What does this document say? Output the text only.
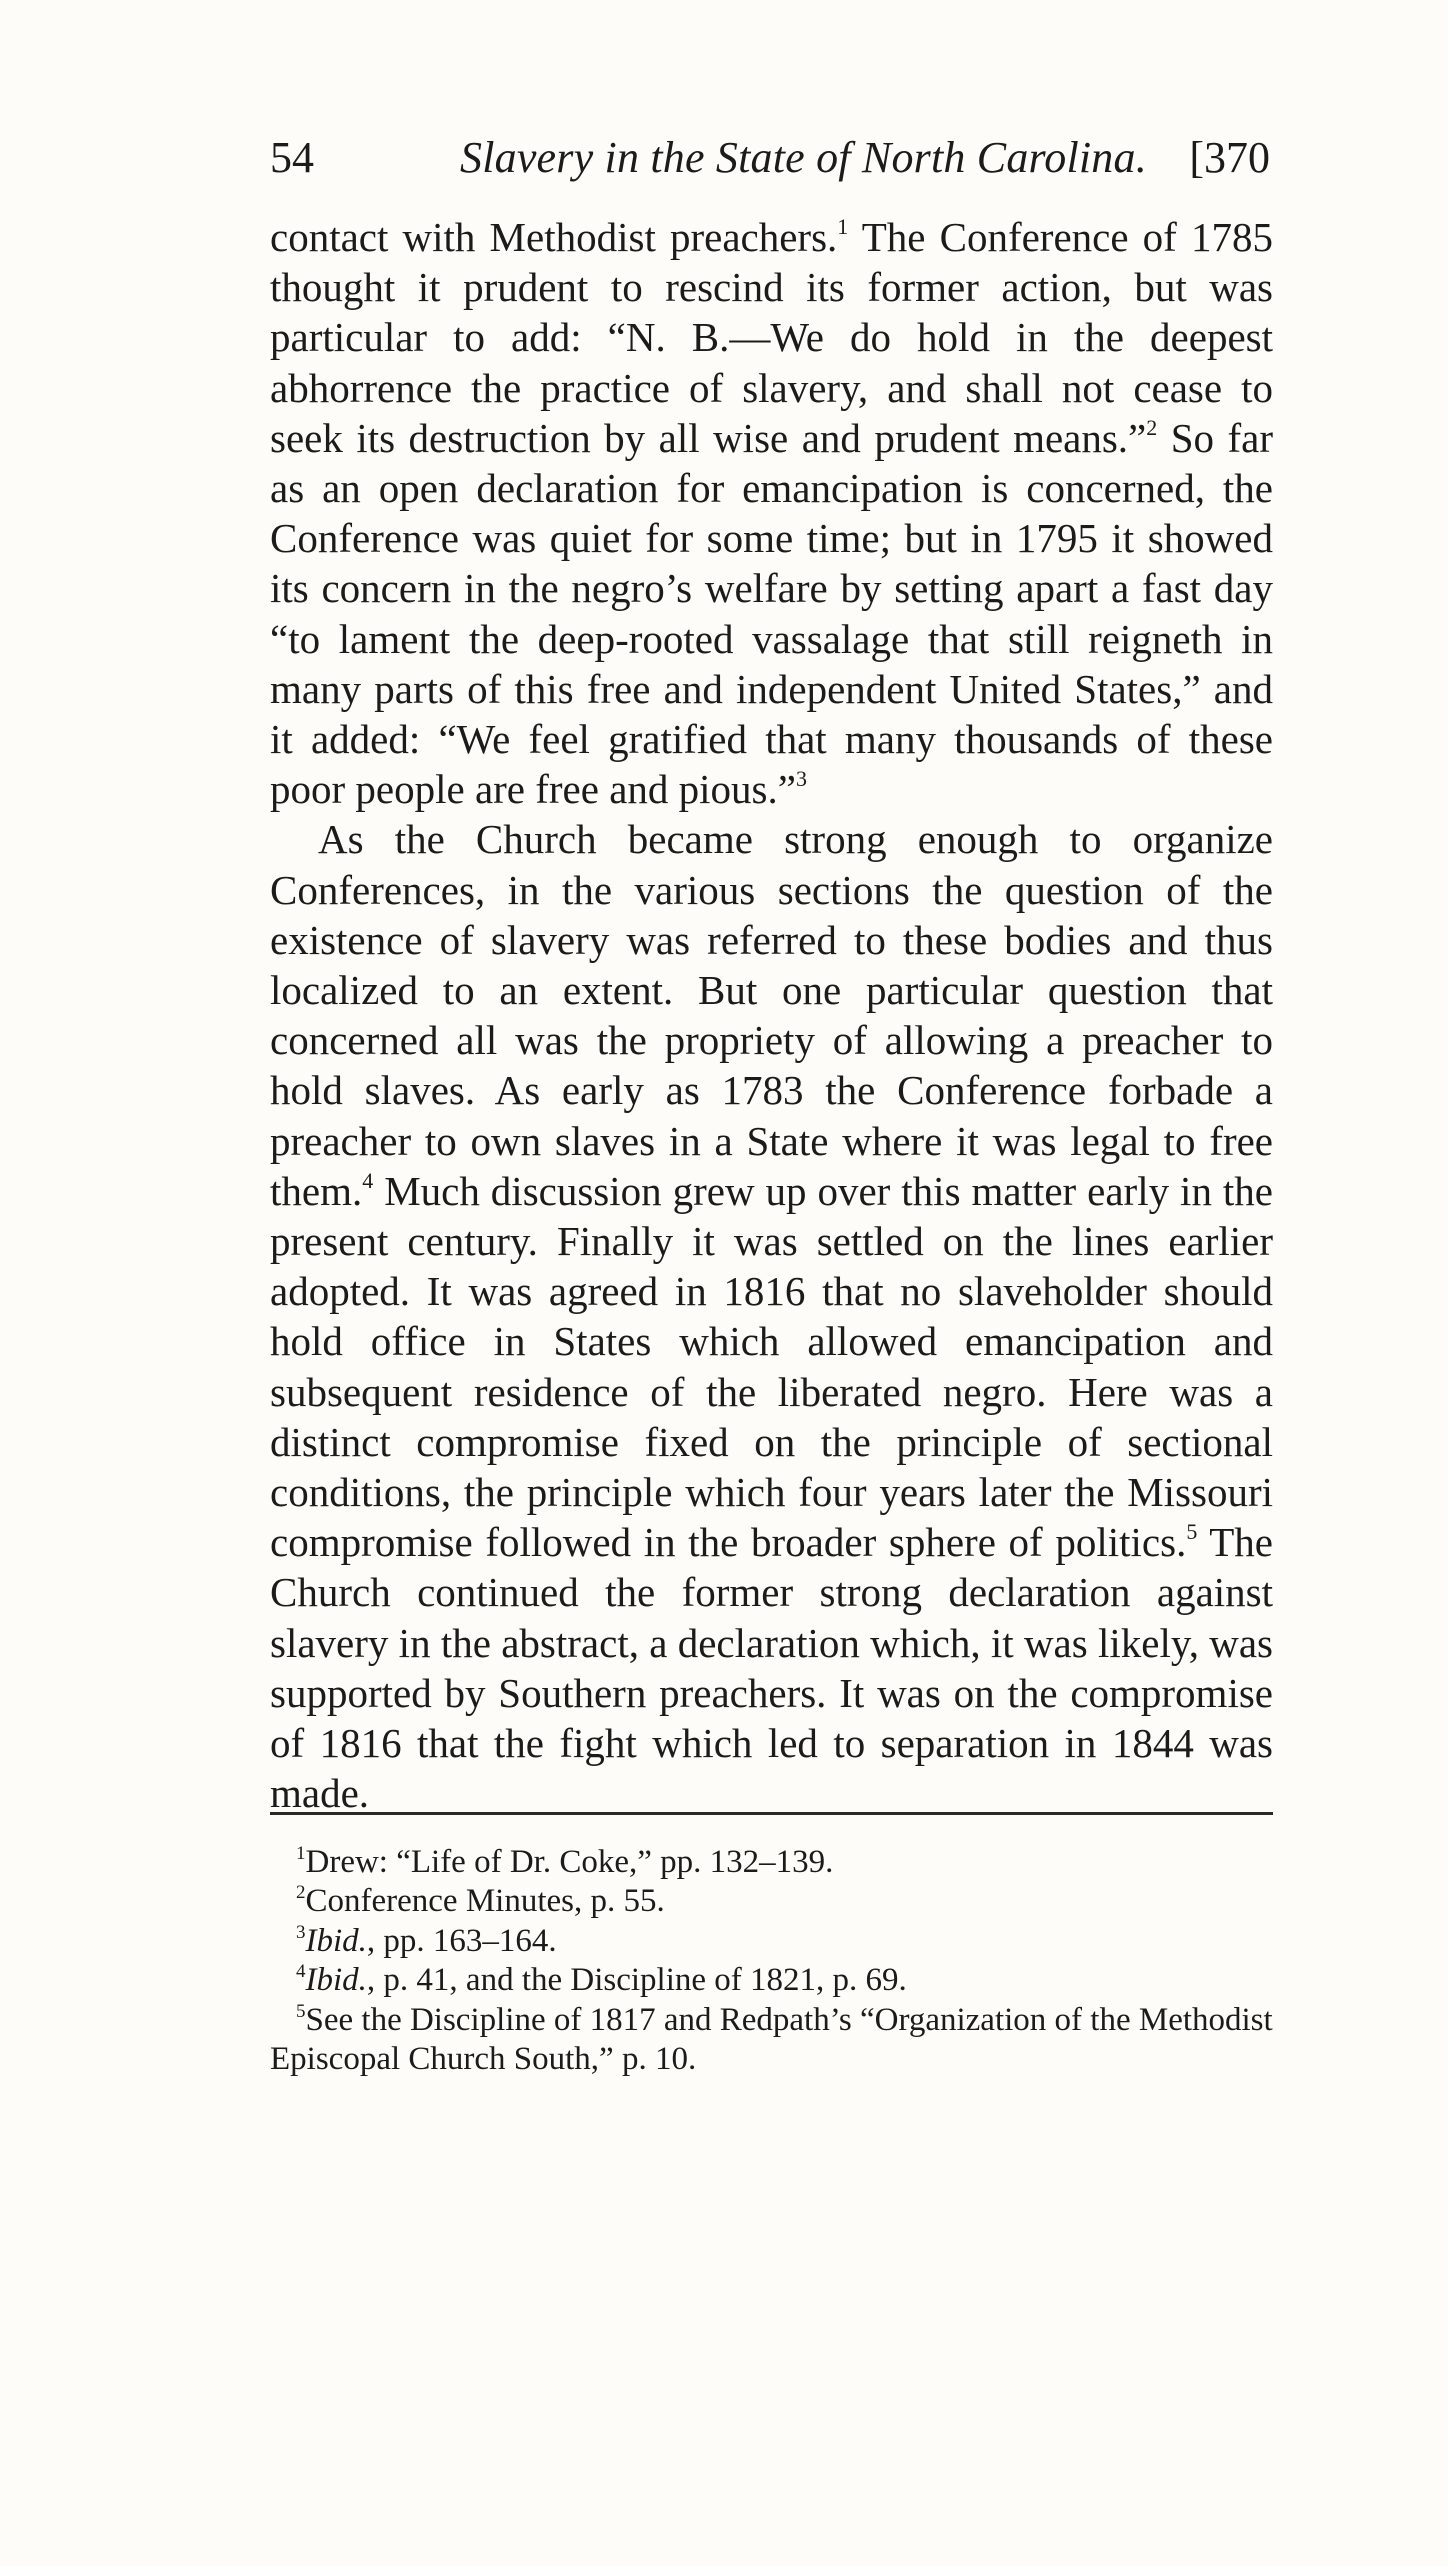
54	Slavery in the State of North Carolina. [370

contact with Methodist preachers.$^1$ The Conference of 1785 thought it prudent to rescind its former action, but was particular to add: “N. B.—We do hold in the deepest abhorrence the practice of slavery, and shall not cease to seek its destruction by all wise and prudent means.”$^2$ So far as an open declaration for emancipation is concerned, the Conference was quiet for some time; but in 1795 it showed its concern in the negro’s welfare by setting apart a fast day “to lament the deep-rooted vassalage that still reigneth in many parts of this free and independent United States,” and it added: “We feel gratified that many thousands of these poor people are free and pious.”$^3$

As the Church became strong enough to organize Conferences, in the various sections the question of the existence of slavery was referred to these bodies and thus localized to an extent. But one particular question that concerned all was the propriety of allowing a preacher to hold slaves. As early as 1783 the Conference forbade a preacher to own slaves in a State where it was legal to free them.$^4$ Much discussion grew up over this matter early in the present century. Finally it was settled on the lines earlier adopted. It was agreed in 1816 that no slaveholder should hold office in States which allowed emancipation and subsequent residence of the liberated negro. Here was a distinct compromise fixed on the principle of sectional conditions, the principle which four years later the Missouri compromise followed in the broader sphere of politics.$^5$ The Church continued the former strong declaration against slavery in the abstract, a declaration which, it was likely, was supported by Southern preachers. It was on the compromise of 1816 that the fight which led to separation in 1844 was made.

$^1$Drew: “Life of Dr. Coke,” pp. 132–139.

$^2$Conference Minutes, p. 55.

$^3$Ibid., pp. 163–164.

$^4$Ibid., p. 41, and the Discipline of 1821, p. 69.

$^5$See the Discipline of 1817 and Redpath’s “Organization of the Methodist Episcopal Church South,” p. 10.
